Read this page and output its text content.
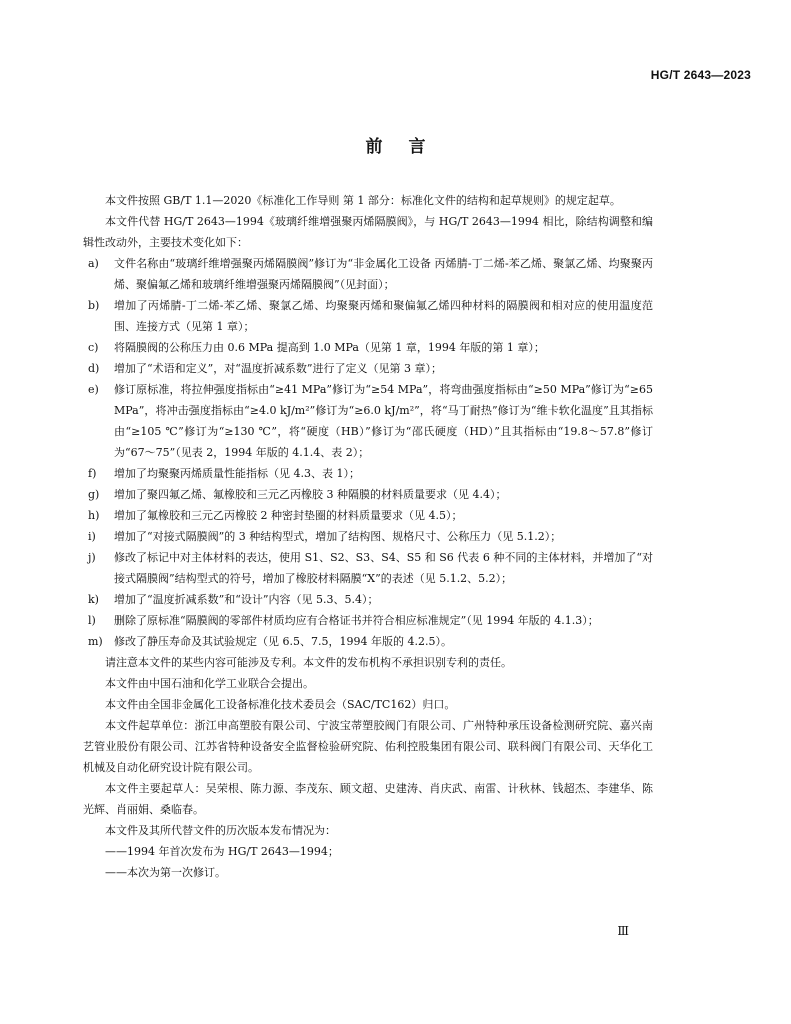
HG/T 2643—2023
前言

本文件按照 GB/T 1.1—2020《标准化工作导则 第 1 部分：标准化文件的结构和起草规则》的规定起草。

本文件代替 HG/T 2643—1994《玻璃纤维增强聚丙烯隔膜阀》，与 HG/T 2643—1994 相比，除结构调整和编辑性改动外，主要技术变化如下：

a) 文件名称由“玻璃纤维增强聚丙烯隔膜阀”修订为“非金属化工设备 丙烯腈-丁二烯-苯乙烯、聚氯乙烯、均聚聚丙烯、聚偏氟乙烯和玻璃纤维增强聚丙烯隔膜阀”（见封面）；
b) 增加了丙烯腈-丁二烯-苯乙烯、聚氯乙烯、均聚聚丙烯和聚偏氟乙烯四种材料的隔膜阀和相对应的使用温度范围、连接方式（见第 1 章）；
c) 将隔膜阀的公称压力由 0.6 MPa 提高到 1.0 MPa（见第 1 章，1994 年版的第 1 章）；
d) 增加了“术语和定义”，对“温度折减系数”进行了定义（见第 3 章）；
e) 修订原标准，将拉伸强度指标由“≥41 MPa”修订为“≥54 MPa”，将弯曲强度指标由“≥50 MPa”修订为“≥65 MPa”，将冲击强度指标由“≥4.0 kJ/m²”修订为“≥6.0 kJ/m²”，将“马丁耐热”修订为“维卡软化温度”且其指标由“≥105 ℃”修订为“≥130 ℃”，将“硬度（HB）”修订为“邵氏硬度（HD）”且其指标由“19.8～57.8”修订为“67～75”（见表 2，1994 年版的 4.1.4、表 2）；
f) 增加了均聚聚丙烯质量性能指标（见 4.3、表 1）；
g) 增加了聚四氟乙烯、氟橡胶和三元乙丙橡胶 3 种隔膜的材料质量要求（见 4.4）；
h) 增加了氟橡胶和三元乙丙橡胶 2 种密封垫圈的材料质量要求（见 4.5）；
i) 增加了“对接式隔膜阀”的 3 种结构型式，增加了结构图、规格尺寸、公称压力（见 5.1.2）；
j) 修改了标记中对主体材料的表达，使用 S1、S2、S3、S4、S5 和 S6 代表 6 种不同的主体材料，并增加了“对接式隔膜阀”结构型式的符号，增加了橡胶材料隔膜“X”的表述（见 5.1.2、5.2）；
k) 增加了“温度折减系数”和“设计”内容（见 5.3、5.4）；
l) 删除了原标准“隔膜阀的零部件材质均应有合格证书并符合相应标准规定”（见 1994 年版的 4.1.3）；
m) 修改了静压寿命及其试验规定（见 6.5、7.5，1994 年版的 4.2.5）。

请注意本文件的某些内容可能涉及专利。本文件的发布机构不承担识别专利的责任。

本文件由中国石油和化学工业联合会提出。

本文件由全国非金属化工设备标准化技术委员会（SAC/TC162）归口。

本文件起草单位：浙江申高塑胶有限公司、宁波宝蒂塑胶阀门有限公司、广州特种承压设备检测研究院、嘉兴南艺管业股份有限公司、江苏省特种设备安全监督检验研究院、佑利控股集团有限公司、联科阀门有限公司、天华化工机械及自动化研究设计院有限公司。

本文件主要起草人：吴荣根、陈力源、李茂东、顾文超、史建涛、肖庆武、南雷、计秋林、钱超杰、李建华、陈光辉、肖丽娟、桑临春。

本文件及其所代替文件的历次版本发布情况为：

——1994 年首次发布为 HG/T 2643—1994；

——本次为第一次修订。

Ⅲ
